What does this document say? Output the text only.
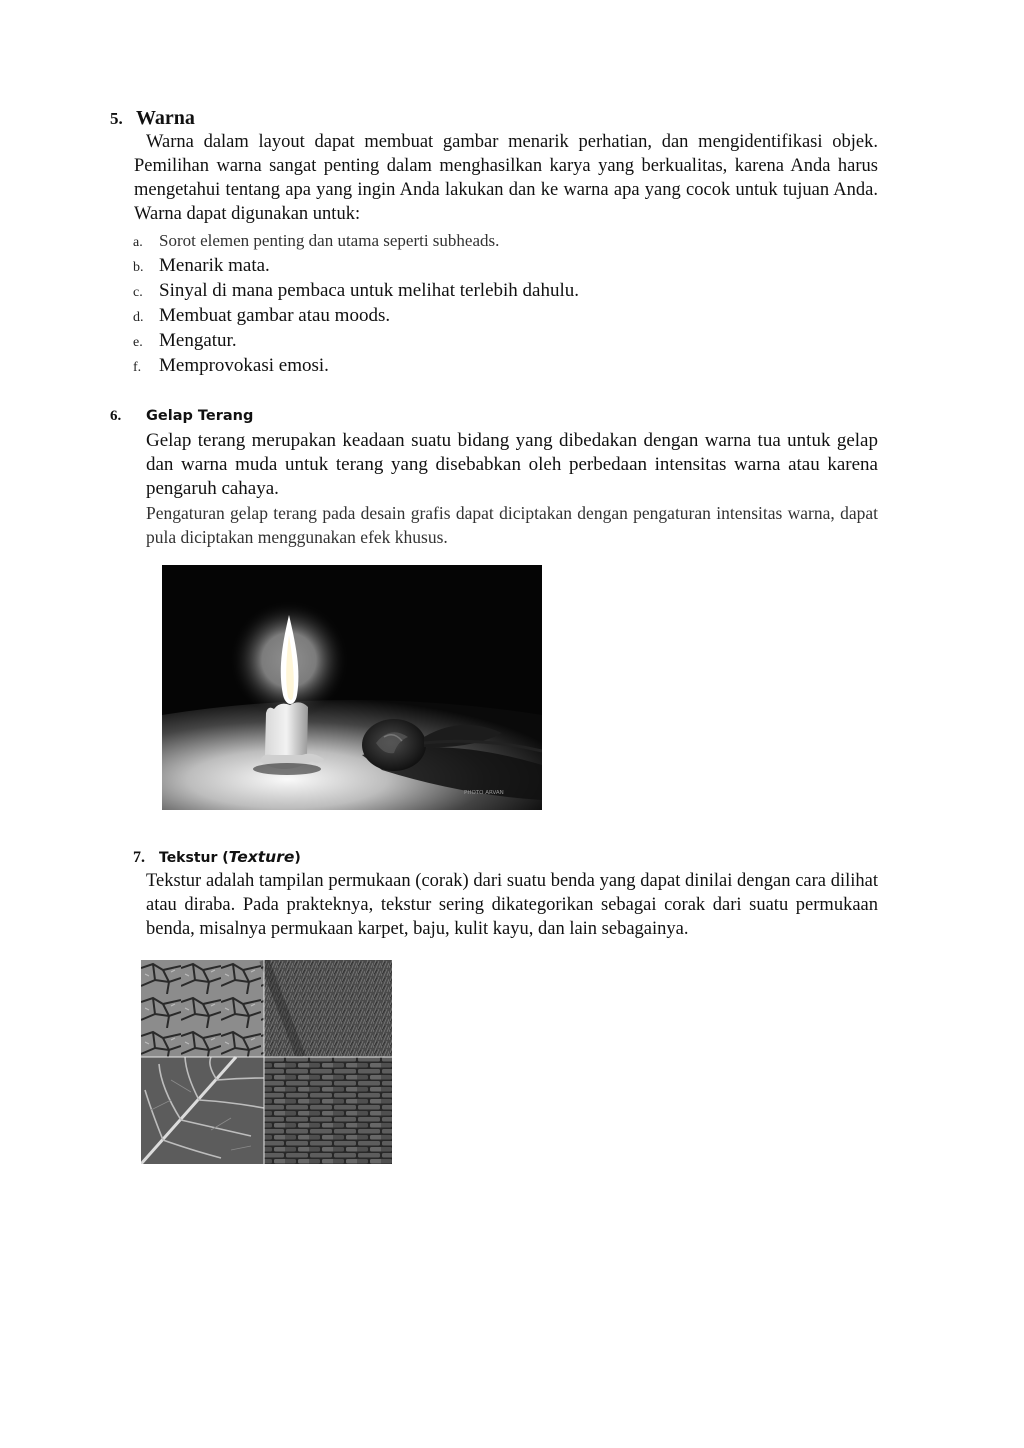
5. Warna
Warna dalam layout dapat membuat gambar menarik perhatian, dan mengidentifikasi objek. Pemilihan warna sangat penting dalam menghasilkan karya yang berkualitas, karena Anda harus mengetahui tentang apa yang ingin Anda lakukan dan ke warna apa yang cocok untuk tujuan Anda. Warna dapat digunakan untuk:
a. Sorot elemen penting dan utama seperti subheads.
b. Menarik mata.
c. Sinyal di mana pembaca untuk melihat terlebih dahulu.
d. Membuat gambar atau moods.
e. Mengatur.
f. Memprovokasi emosi.
6. Gelap Terang
Gelap terang merupakan keadaan suatu bidang yang dibedakan dengan warna tua untuk gelap dan warna muda untuk terang yang disebabkan oleh perbedaan intensitas warna atau karena pengaruh cahaya.
Pengaturan gelap terang pada desain grafis dapat diciptakan dengan pengaturan intensitas warna, dapat pula diciptakan menggunakan efek khusus.
PHOTO ARVAN
7. Tekstur (Texture)
Tekstur adalah tampilan permukaan (corak) dari suatu benda yang dapat dinilai dengan cara dilihat atau diraba. Pada prakteknya, tekstur sering dikategorikan sebagai corak dari suatu permukaan benda, misalnya permukaan karpet, baju, kulit kayu, dan lain sebagainya.
